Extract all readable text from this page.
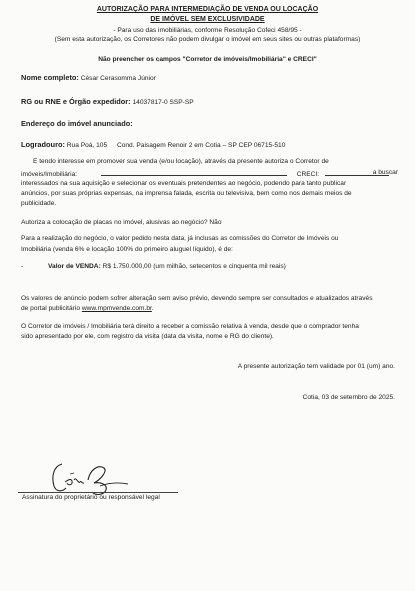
AUTORIZAÇÃO PARA INTERMEDIAÇÃO DE VENDA OU LOCAÇÃO
DE IMÓVEL SEM EXCLUSIVIDADE
- Para uso das imobiliárias, conforme Resolução Cofeci 458/95 -
(Sem esta autorização, os Corretores não podem divulgar o imóvel em seus sites ou outras plataformas)
Não preencher os campos "Corretor de imóveis/Imobiliária" e CRECI"
Nome completo: César Cerasomma Júnior
RG ou RNE e Órgão expedidor: 14037817-0 SSP-SP
Endereço do imóvel anunciado:
Logradouro: Rua Poá, 105 Cond. Paisagem Renoir 2 em Cotia – SP CEP 06715-510
E tendo interesse em promover sua venda (e/ou locação), através da presente autoriza o Corretor de
imóveis/Imobiliária:	CRECI:	a buscar
interessados na sua aquisição e selecionar os eventuais pretendentes ao negócio, podendo para tanto publicar
anúncios, por suas próprias expensas, na imprensa falada, escrita ou televisiva, bem como nos demais meios de
publicidade.
Autoriza a colocação de placas no imóvel, alusivas ao negócio? Não
Para a realização do negócio, o valor pedido nesta data, já inclusas as comissões do Corretor de Imóveis ou
Imobiliária (venda 6% e locação 100% do primeiro aluguel líquido), é de:
-	Valor de VENDA: R$ 1.750.000,00 (um milhão, setecentos e cinquenta mil reais)
Os valores de anúncio podem sofrer alteração sem aviso prévio, devendo sempre ser consultados e atualizados através
de portal publicitário www.mpmvende.com.br.
O Corretor de imóveis / Imobiliária terá direito a receber a comissão relativa à venda, desde que o comprador tenha
sido apresentado por ele, com registro da visita (data da visita, nome e RG do cliente).
A presente autorização tem validade por 01 (um) ano.
Cotia, 03 de setembro de 2025.
Assinatura do proprietário ou responsável legal
